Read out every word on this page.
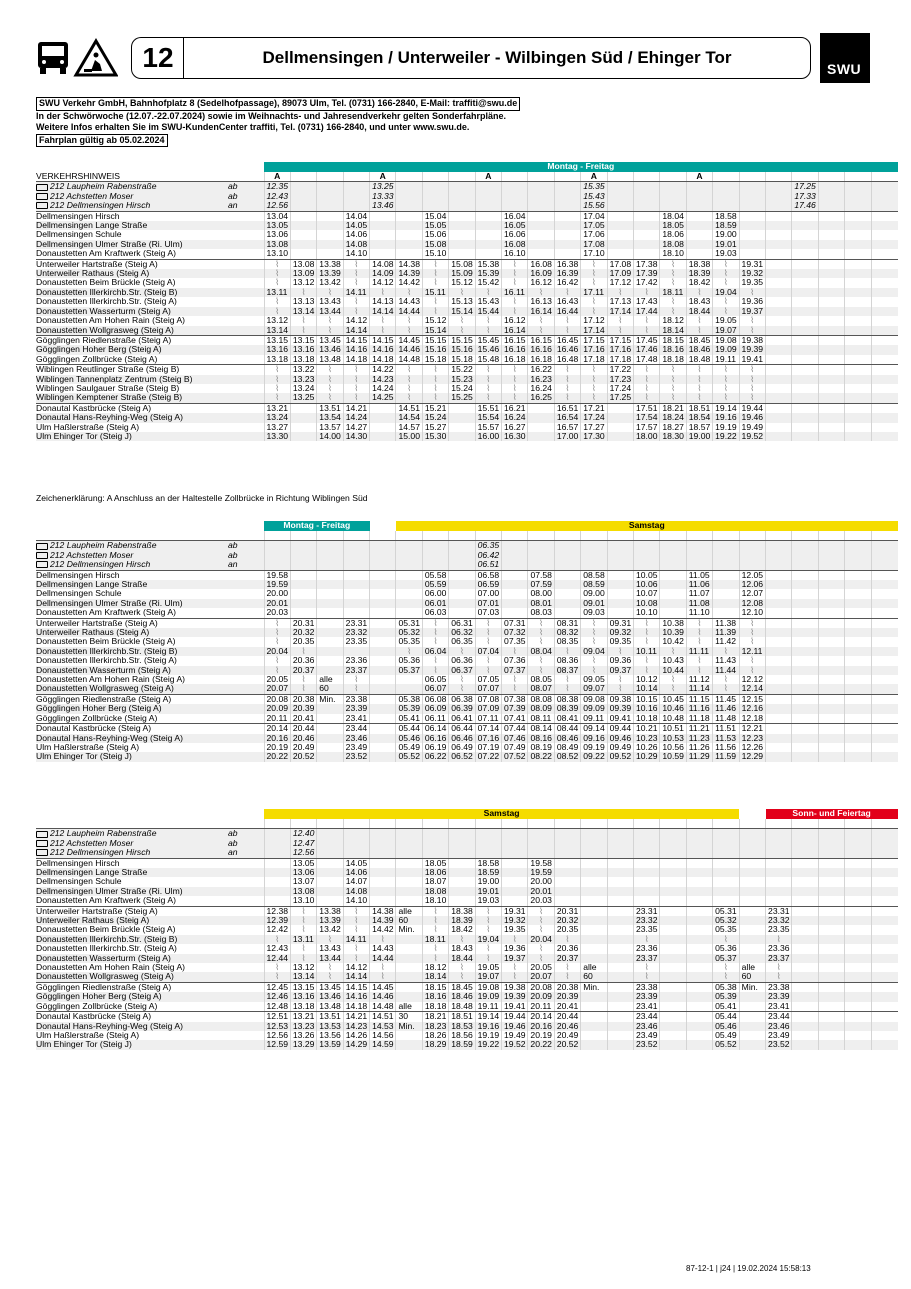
12	Dellmensingen / Unterweiler - Wilbingen Süd / Ehinger Tor
SWU
SWU Verkehr GmbH, Bahnhofplatz 8 (Sedelhofpassage), 89073 Ulm, Tel. (0731) 166-2840, E-Mail: traffiti@swu.de
In der Schwörwoche (12.07.-22.07.2024) sowie im Weihnachts- und Jahresendverkehr gelten Sonderfahrplänе.
Weitere Infos erhalten Sie im SWU-KundenCenter traffiti, Tel. (0731) 166-2840, und unter www.swu.de.
Fahrplan gültig ab 05.02.2024
←		Montag - Freitag																							
VERKEHRSHINWEIS		A				A				A				A				A							
212 Laupheim Rabenstraße	ab	12.35				13.25								15.35								17.25			
212 Achstetten Moser	ab	12.43				13.33								15.43								17.33			
212 Dellmensingen Hirsch	an	12.56				13.46								15.56								17.46			
Dellmensingen Hirsch		13.04			14.04			15.04			16.04			17.04			18.04		18.58						
Dellmensingen Lange Straße		13.05			14.05			15.05			16.05			17.05			18.05		18.59						
Dellmensingen Schule		13.06			14.06			15.06			16.06			17.06			18.06		19.00						
Dellmensingen Ulmer Straße (Ri. Ulm)		13.08			14.08			15.08			16.08			17.08			18.08		19.01						
Donaustetten Am Kraftwerk (Steig A)		13.10			14.10			15.10			16.10			17.10			18.10		19.03						
Unterweiler Hartstraße (Steig A)		⌇	13.08	13.38	⌇	14.08	14.38	⌇	15.08	15.38	⌇	16.08	16.38	⌇	17.08	17.38	⌇	18.38	⌇	19.31					
Unterweiler Rathaus (Steig A)		⌇	13.09	13.39	⌇	14.09	14.39	⌇	15.09	15.39	⌇	16.09	16.39	⌇	17.09	17.39	⌇	18.39	⌇	19.32					
Donaustetten Beim Brückle (Steig A)		⌇	13.12	13.42	⌇	14.12	14.42	⌇	15.12	15.42	⌇	16.12	16.42	⌇	17.12	17.42	⌇	18.42	⌇	19.35					
Donaustetten Illerkirchb.Str. (Steig B)		13.11	⌇	⌇	14.11	⌇	⌇	15.11	⌇	⌇	16.11	⌇	⌇	17.11	⌇	⌇	18.11	⌇	19.04	⌇					
Donaustetten Illerkirchb.Str. (Steig A)		⌇	13.13	13.43	⌇	14.13	14.43	⌇	15.13	15.43	⌇	16.13	16.43	⌇	17.13	17.43	⌇	18.43	⌇	19.36					
Donaustetten Wasserturm (Steig A)		⌇	13.14	13.44	⌇	14.14	14.44	⌇	15.14	15.44	⌇	16.14	16.44	⌇	17.14	17.44	⌇	18.44	⌇	19.37					
Donaustetten Am Hohen Rain (Steig A)		13.12	⌇	⌇	14.12	⌇	⌇	15.12	⌇	⌇	16.12	⌇	⌇	17.12	⌇	⌇	18.12	⌇	19.05	⌇					
Donaustetten Wollgrasweg (Steig A)		13.14	⌇	⌇	14.14	⌇	⌇	15.14	⌇	⌇	16.14	⌇	⌇	17.14	⌇	⌇	18.14	⌇	19.07	⌇					
Gögglingen Riedlenstraße (Steig A)		13.15	13.15	13.45	14.15	14.15	14.45	15.15	15.15	15.45	16.15	16.15	16.45	17.15	17.15	17.45	18.15	18.45	19.08	19.38					
Gögglingen Hoher Berg (Steig A)		13.16	13.16	13.46	14.16	14.16	14.46	15.16	15.16	15.46	16.16	16.16	16.46	17.16	17.16	17.46	18.16	18.46	19.09	19.39					
Gögglingen Zollbrücke (Steig A)		13.18	13.18	13.48	14.18	14.18	14.48	15.18	15.18	15.48	16.18	16.18	16.48	17.18	17.18	17.48	18.18	18.48	19.11	19.41					
Wiblingen Reutlinger Straße (Steig B)		⌇	13.22	⌇	⌇	14.22	⌇	⌇	15.22	⌇	⌇	16.22	⌇	⌇	17.22	⌇	⌇	⌇	⌇	⌇					
Wiblingen Tannenplatz Zentrum (Steig B)		⌇	13.23	⌇	⌇	14.23	⌇	⌇	15.23	⌇	⌇	16.23	⌇	⌇	17.23	⌇	⌇	⌇	⌇	⌇					
Wiblingen Saulgauer Straße (Steig B)		⌇	13.24	⌇	⌇	14.24	⌇	⌇	15.24	⌇	⌇	16.24	⌇	⌇	17.24	⌇	⌇	⌇	⌇	⌇					
Wiblingen Kemptener Straße (Steig B)		⌇	13.25	⌇	⌇	14.25	⌇	⌇	15.25	⌇	⌇	16.25	⌇	⌇	17.25	⌇	⌇	⌇	⌇	⌇					
Donautal Kastbrücke (Steig A)		13.21		13.51	14.21		14.51	15.21		15.51	16.21		16.51	17.21		17.51	18.21	18.51	19.14	19.44					
Donautal Hans-Reyhing-Weg (Steig A)		13.24		13.54	14.24		14.54	15.24		15.54	16.24		16.54	17.24		17.54	18.24	18.54	19.16	19.46					
Ulm Haßlerstraße (Steig A)		13.27		13.57	14.27		14.57	15.27		15.57	16.27		16.57	17.27		17.57	18.27	18.57	19.19	19.49					
Ulm Ehinger Tor (Steig J)		13.30		14.00	14.30		15.00	15.30		16.00	16.30		17.00	17.30		18.00	18.30	19.00	19.22	19.52					
←		Montag - Freitag					Samstag																		

212 Laupheim Rabenstraße	ab									06.35															
212 Achstetten Moser	ab									06.42															
212 Dellmensingen Hirsch	an									06.51															
Dellmensingen Hirsch		19.58						05.58		06.58		07.58		08.58		10.05		11.05		12.05					
Dellmensingen Lange Straße		19.59						05.59		06.59		07.59		08.59		10.06		11.06		12.06					
Dellmensingen Schule		20.00						06.00		07.00		08.00		09.00		10.07		11.07		12.07					
Dellmensingen Ulmer Straße (Ri. Ulm)		20.01						06.01		07.01		08.01		09.01		10.08		11.08		12.08					
Donaustetten Am Kraftwerk (Steig A)		20.03						06.03		07.03		08.03		09.03		10.10		11.10		12.10					
Unterweiler Hartstraße (Steig A)		⌇	20.31		23.31		05.31	⌇	06.31	⌇	07.31	⌇	08.31	⌇	09.31	⌇	10.38	⌇	11.38	⌇					
Unterweiler Rathaus (Steig A)		⌇	20.32		23.32		05.32	⌇	06.32	⌇	07.32	⌇	08.32	⌇	09.32	⌇	10.39	⌇	11.39	⌇					
Donaustetten Beim Brückle (Steig A)		⌇	20.35		23.35		05.35	⌇	06.35	⌇	07.35	⌇	08.35	⌇	09.35	⌇	10.42	⌇	11.42	⌇					
Donaustetten Illerkirchb.Str. (Steig B)		20.04	⌇				⌇	06.04	⌇	07.04	⌇	08.04	⌇	09.04	⌇	10.11	⌇	11.11	⌇	12.11					
Donaustetten Illerkirchb.Str. (Steig A)		⌇	20.36		23.36		05.36	⌇	06.36	⌇	07.36	⌇	08.36	⌇	09.36	⌇	10.43	⌇	11.43	⌇					
Donaustetten Wasserturm (Steig A)		⌇	20.37		23.37		05.37	⌇	06.37	⌇	07.37	⌇	08.37	⌇	09.37	⌇	10.44	⌇	11.44	⌇					
Donaustetten Am Hohen Rain (Steig A)		20.05	⌇	alle	⌇			06.05	⌇	07.05	⌇	08.05	⌇	09.05	⌇	10.12	⌇	11.12	⌇	12.12					
Donaustetten Wollgrasweg (Steig A)		20.07	⌇	60	⌇			06.07	⌇	07.07	⌇	08.07	⌇	09.07	⌇	10.14	⌇	11.14	⌇	12.14					
Gögglingen Riedlenstraße (Steig A)		20.08	20.38	Min.	23.38		05.38	06.08	06.38	07.08	07.38	08.08	08.38	09.08	09.38	10.15	10.45	11.15	11.45	12.15					
Gögglingen Hoher Berg (Steig A)		20.09	20.39		23.39		05.39	06.09	06.39	07.09	07.39	08.09	08.39	09.09	09.39	10.16	10.46	11.16	11.46	12.16					
Gögglingen Zollbrücke (Steig A)		20.11	20.41		23.41		05.41	06.11	06.41	07.11	07.41	08.11	08.41	09.11	09.41	10.18	10.48	11.18	11.48	12.18					
Donautal Kastbrücke (Steig A)		20.14	20.44		23.44		05.44	06.14	06.44	07.14	07.44	08.14	08.44	09.14	09.44	10.21	10.51	11.21	11.51	12.21					
Donautal Hans-Reyhing-Weg (Steig A)		20.16	20.46		23.46		05.46	06.16	06.46	07.16	07.46	08.16	08.46	09.16	09.46	10.23	10.53	11.23	11.53	12.23					
Ulm Haßlerstraße (Steig A)		20.19	20.49		23.49		05.49	06.19	06.49	07.19	07.49	08.19	08.49	09.19	09.49	10.26	10.56	11.26	11.56	12.26					
Ulm Ehinger Tor (Steig J)		20.22	20.52		23.52		05.52	06.22	06.52	07.22	07.52	08.22	08.52	09.22	09.52	10.29	10.59	11.29	11.59	12.29					
←		Samstag																			Sonn- und Feiertag				

212 Laupheim Rabenstraße	ab		12.40																						
212 Achstetten Moser	ab		12.47																						
212 Dellmensingen Hirsch	an		12.56																						
Dellmensingen Hirsch			13.05		14.05			18.05		18.58		19.58													
Dellmensingen Lange Straße			13.06		14.06			18.06		18.59		19.59													
Dellmensingen Schule			13.07		14.07			18.07		19.00		20.00													
Dellmensingen Ulmer Straße (Ri. Ulm)			13.08		14.08			18.08		19.01		20.01													
Donaustetten Am Kraftwerk (Steig A)			13.10		14.10			18.10		19.03		20.03													
Unterweiler Hartstraße (Steig A)		12.38	⌇	13.38	⌇	14.38	alle	⌇	18.38	⌇	19.31	⌇	20.31			23.31			05.31		23.31				
Unterweiler Rathaus (Steig A)		12.39	⌇	13.39	⌇	14.39	60	⌇	18.39	⌇	19.32	⌇	20.32			23.32			05.32		23.32				
Donaustetten Beim Brückle (Steig A)		12.42	⌇	13.42	⌇	14.42	Min.	⌇	18.42	⌇	19.35	⌇	20.35			23.35			05.35		23.35				
Donaustetten Illerkirchb.Str. (Steig B)		⌇	13.11	⌇	14.11	⌇		18.11	⌇	19.04	⌇	20.04	⌇			⌇			⌇		⌇				
Donaustetten Illerkirchb.Str. (Steig A)		12.43	⌇	13.43	⌇	14.43		⌇	18.43	⌇	19.36	⌇	20.36			23.36			05.36		23.36				
Donaustetten Wasserturm (Steig A)		12.44	⌇	13.44	⌇	14.44		⌇	18.44	⌇	19.37	⌇	20.37			23.37			05.37		23.37				
Donaustetten Am Hohen Rain (Steig A)		⌇	13.12	⌇	14.12	⌇		18.12	⌇	19.05	⌇	20.05	⌇	alle		⌇			⌇	alle	⌇				
Donaustetten Wollgrasweg (Steig A)		⌇	13.14	⌇	14.14	⌇		18.14	⌇	19.07	⌇	20.07	⌇	60		⌇			⌇	60	⌇				
Gögglingen Riedlenstraße (Steig A)		12.45	13.15	13.45	14.15	14.45		18.15	18.45	19.08	19.38	20.08	20.38	Min.		23.38			05.38	Min.	23.38				
Gögglingen Hoher Berg (Steig A)		12.46	13.16	13.46	14.16	14.46		18.16	18.46	19.09	19.39	20.09	20.39			23.39			05.39		23.39				
Gögglingen Zollbrücke (Steig A)		12.48	13.18	13.48	14.18	14.48	alle	18.18	18.48	19.11	19.41	20.11	20.41			23.41			05.41		23.41				
Donautal Kastbrücke (Steig A)		12.51	13.21	13.51	14.21	14.51	30	18.21	18.51	19.14	19.44	20.14	20.44			23.44			05.44		23.44				
Donautal Hans-Reyhing-Weg (Steig A)		12.53	13.23	13.53	14.23	14.53	Min.	18.23	18.53	19.16	19.46	20.16	20.46			23.46			05.46		23.46				
Ulm Haßlerstraße (Steig A)		12.56	13.26	13.56	14.26	14.56		18.26	18.56	19.19	19.49	20.19	20.49			23.49			05.49		23.49				
Ulm Ehinger Tor (Steig J)		12.59	13.29	13.59	14.29	14.59		18.29	18.59	19.22	19.52	20.22	20.52			23.52			05.52		23.52				
Zeichenerklärung: A Anschluss an der Haltestelle Zollbrücke in Richtung Wiblingen Süd
87-12-1 | j24 | 19.02.2024 15:58:13
